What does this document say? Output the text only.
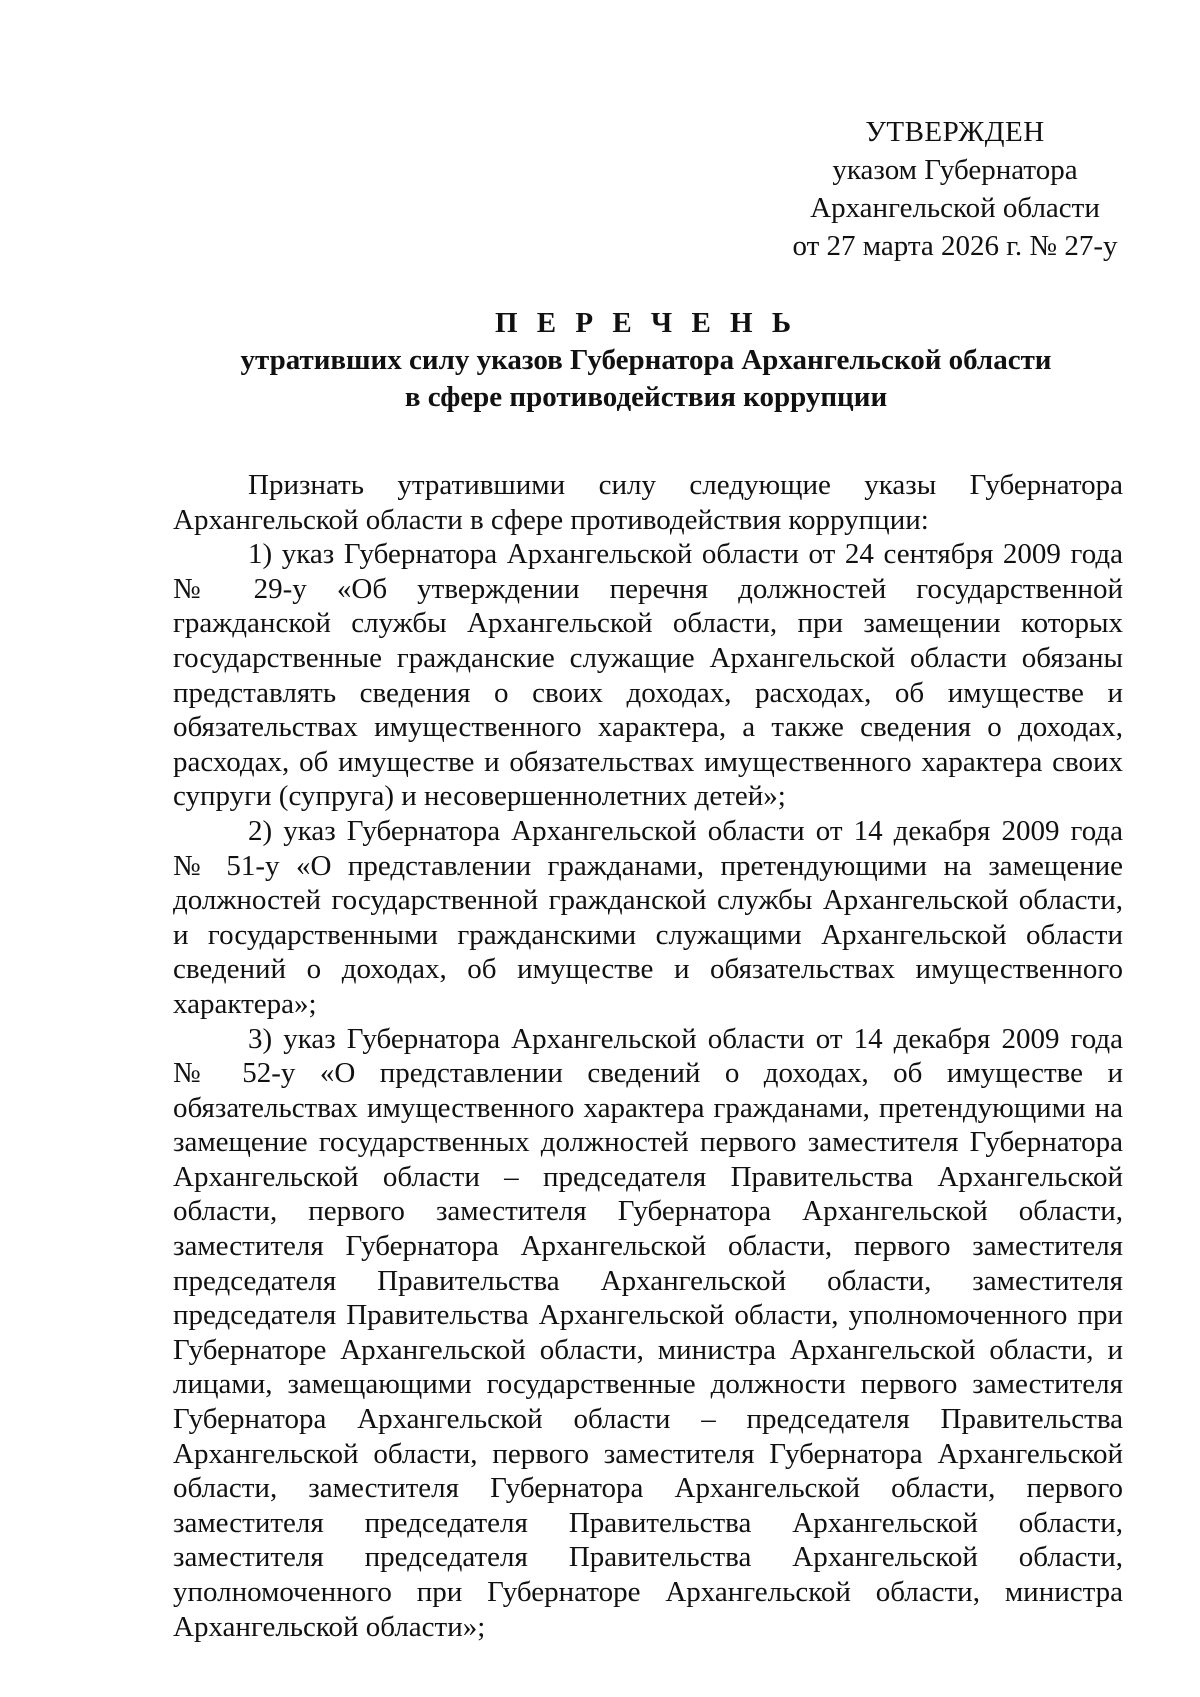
УТВЕРЖДЕН
указом Губернатора
Архангельской области
от 27 марта 2026 г. № 27-у
П Е Р Е Ч Е Н Ь
утративших силу указов Губернатора Архангельской области
в сфере противодействия коррупции

Признать утратившими силу следующие указы Губернатора Архангельской области в сфере противодействия коррупции:

1) указ Губернатора Архангельской области от 24 сентября 2009 года № 29-у «Об утверждении перечня должностей государственной гражданской службы Архангельской области, при замещении которых государственные гражданские служащие Архангельской области обязаны представлять сведения о своих доходах, расходах, об имуществе и обязательствах имущественного характера, а также сведения о доходах, расходах, об имуществе и обязательствах имущественного характера своих супруги (супруга) и несовершеннолетних детей»;

2) указ Губернатора Архангельской области от 14 декабря 2009 года № 51-у «О представлении гражданами, претендующими на замещение должностей государственной гражданской службы Архангельской области, и государственными гражданскими служащими Архангельской области сведений о доходах, об имуществе и обязательствах имущественного характера»;

3) указ Губернатора Архангельской области от 14 декабря 2009 года № 52-у «О представлении сведений о доходах, об имуществе и обязательствах имущественного характера гражданами, претендующими на замещение государственных должностей первого заместителя Губернатора Архангельской области – председателя Правительства Архангельской области, первого заместителя Губернатора Архангельской области, заместителя Губернатора Архангельской области, первого заместителя председателя Правительства Архангельской области, заместителя председателя Правительства Архангельской области, уполномоченного при Губернаторе Архангельской области, министра Архангельской области, и лицами, замещающими государственные должности первого заместителя Губернатора Архангельской области – председателя Правительства Архангельской области, первого заместителя Губернатора Архангельской области, заместителя Губернатора Архангельской области, первого заместителя председателя Правительства Архангельской области, заместителя председателя Правительства Архангельской области, уполномоченного при Губернаторе Архангельской области, министра Архангельской области»;
